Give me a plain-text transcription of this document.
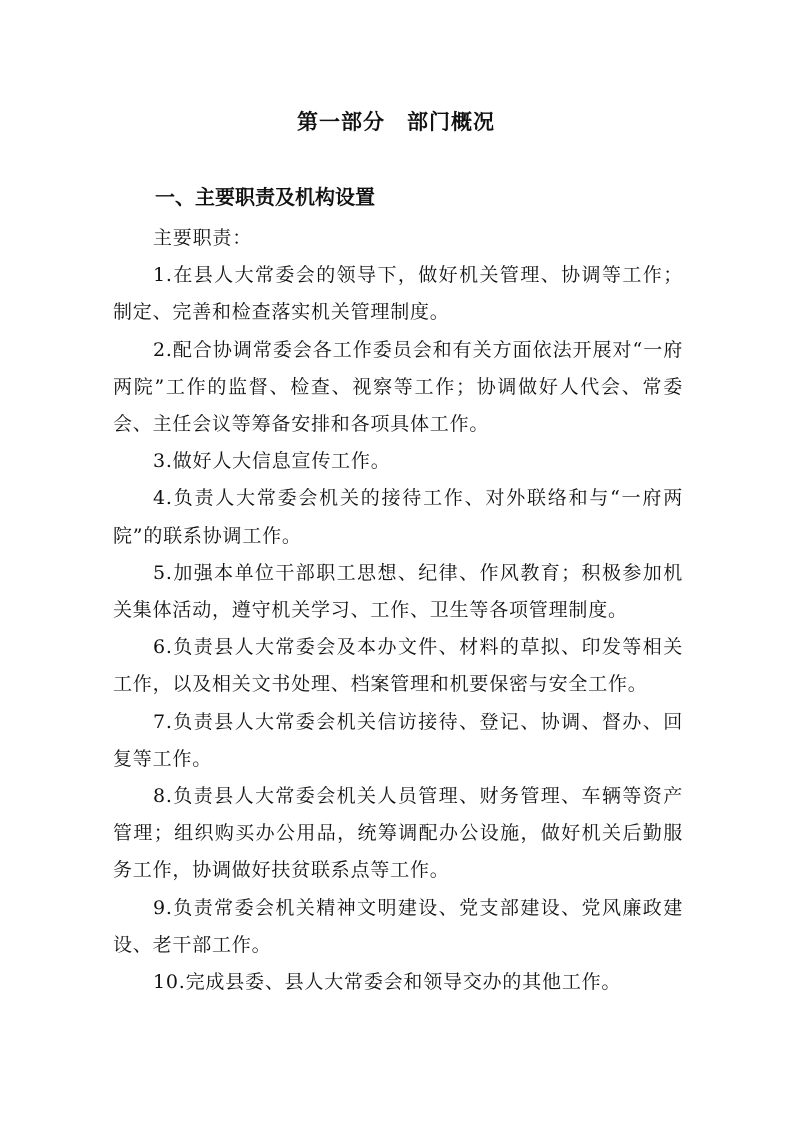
第一部分　部门概况
一、主要职责及机构设置

主要职责：

1.在县人大常委会的领导下，做好机关管理、协调等工作；制定、完善和检查落实机关管理制度。

2.配合协调常委会各工作委员会和有关方面依法开展对“一府两院”工作的监督、检查、视察等工作；协调做好人代会、常委会、主任会议等筹备安排和各项具体工作。

3.做好人大信息宣传工作。

4.负责人大常委会机关的接待工作、对外联络和与“一府两院”的联系协调工作。

5.加强本单位干部职工思想、纪律、作风教育；积极参加机关集体活动，遵守机关学习、工作、卫生等各项管理制度。

6.负责县人大常委会及本办文件、材料的草拟、印发等相关工作，以及相关文书处理、档案管理和机要保密与安全工作。

7.负责县人大常委会机关信访接待、登记、协调、督办、回复等工作。

8.负责县人大常委会机关人员管理、财务管理、车辆等资产管理；组织购买办公用品，统筹调配办公设施，做好机关后勤服务工作，协调做好扶贫联系点等工作。

9.负责常委会机关精神文明建设、党支部建设、党风廉政建设、老干部工作。

10.完成县委、县人大常委会和领导交办的其他工作。
